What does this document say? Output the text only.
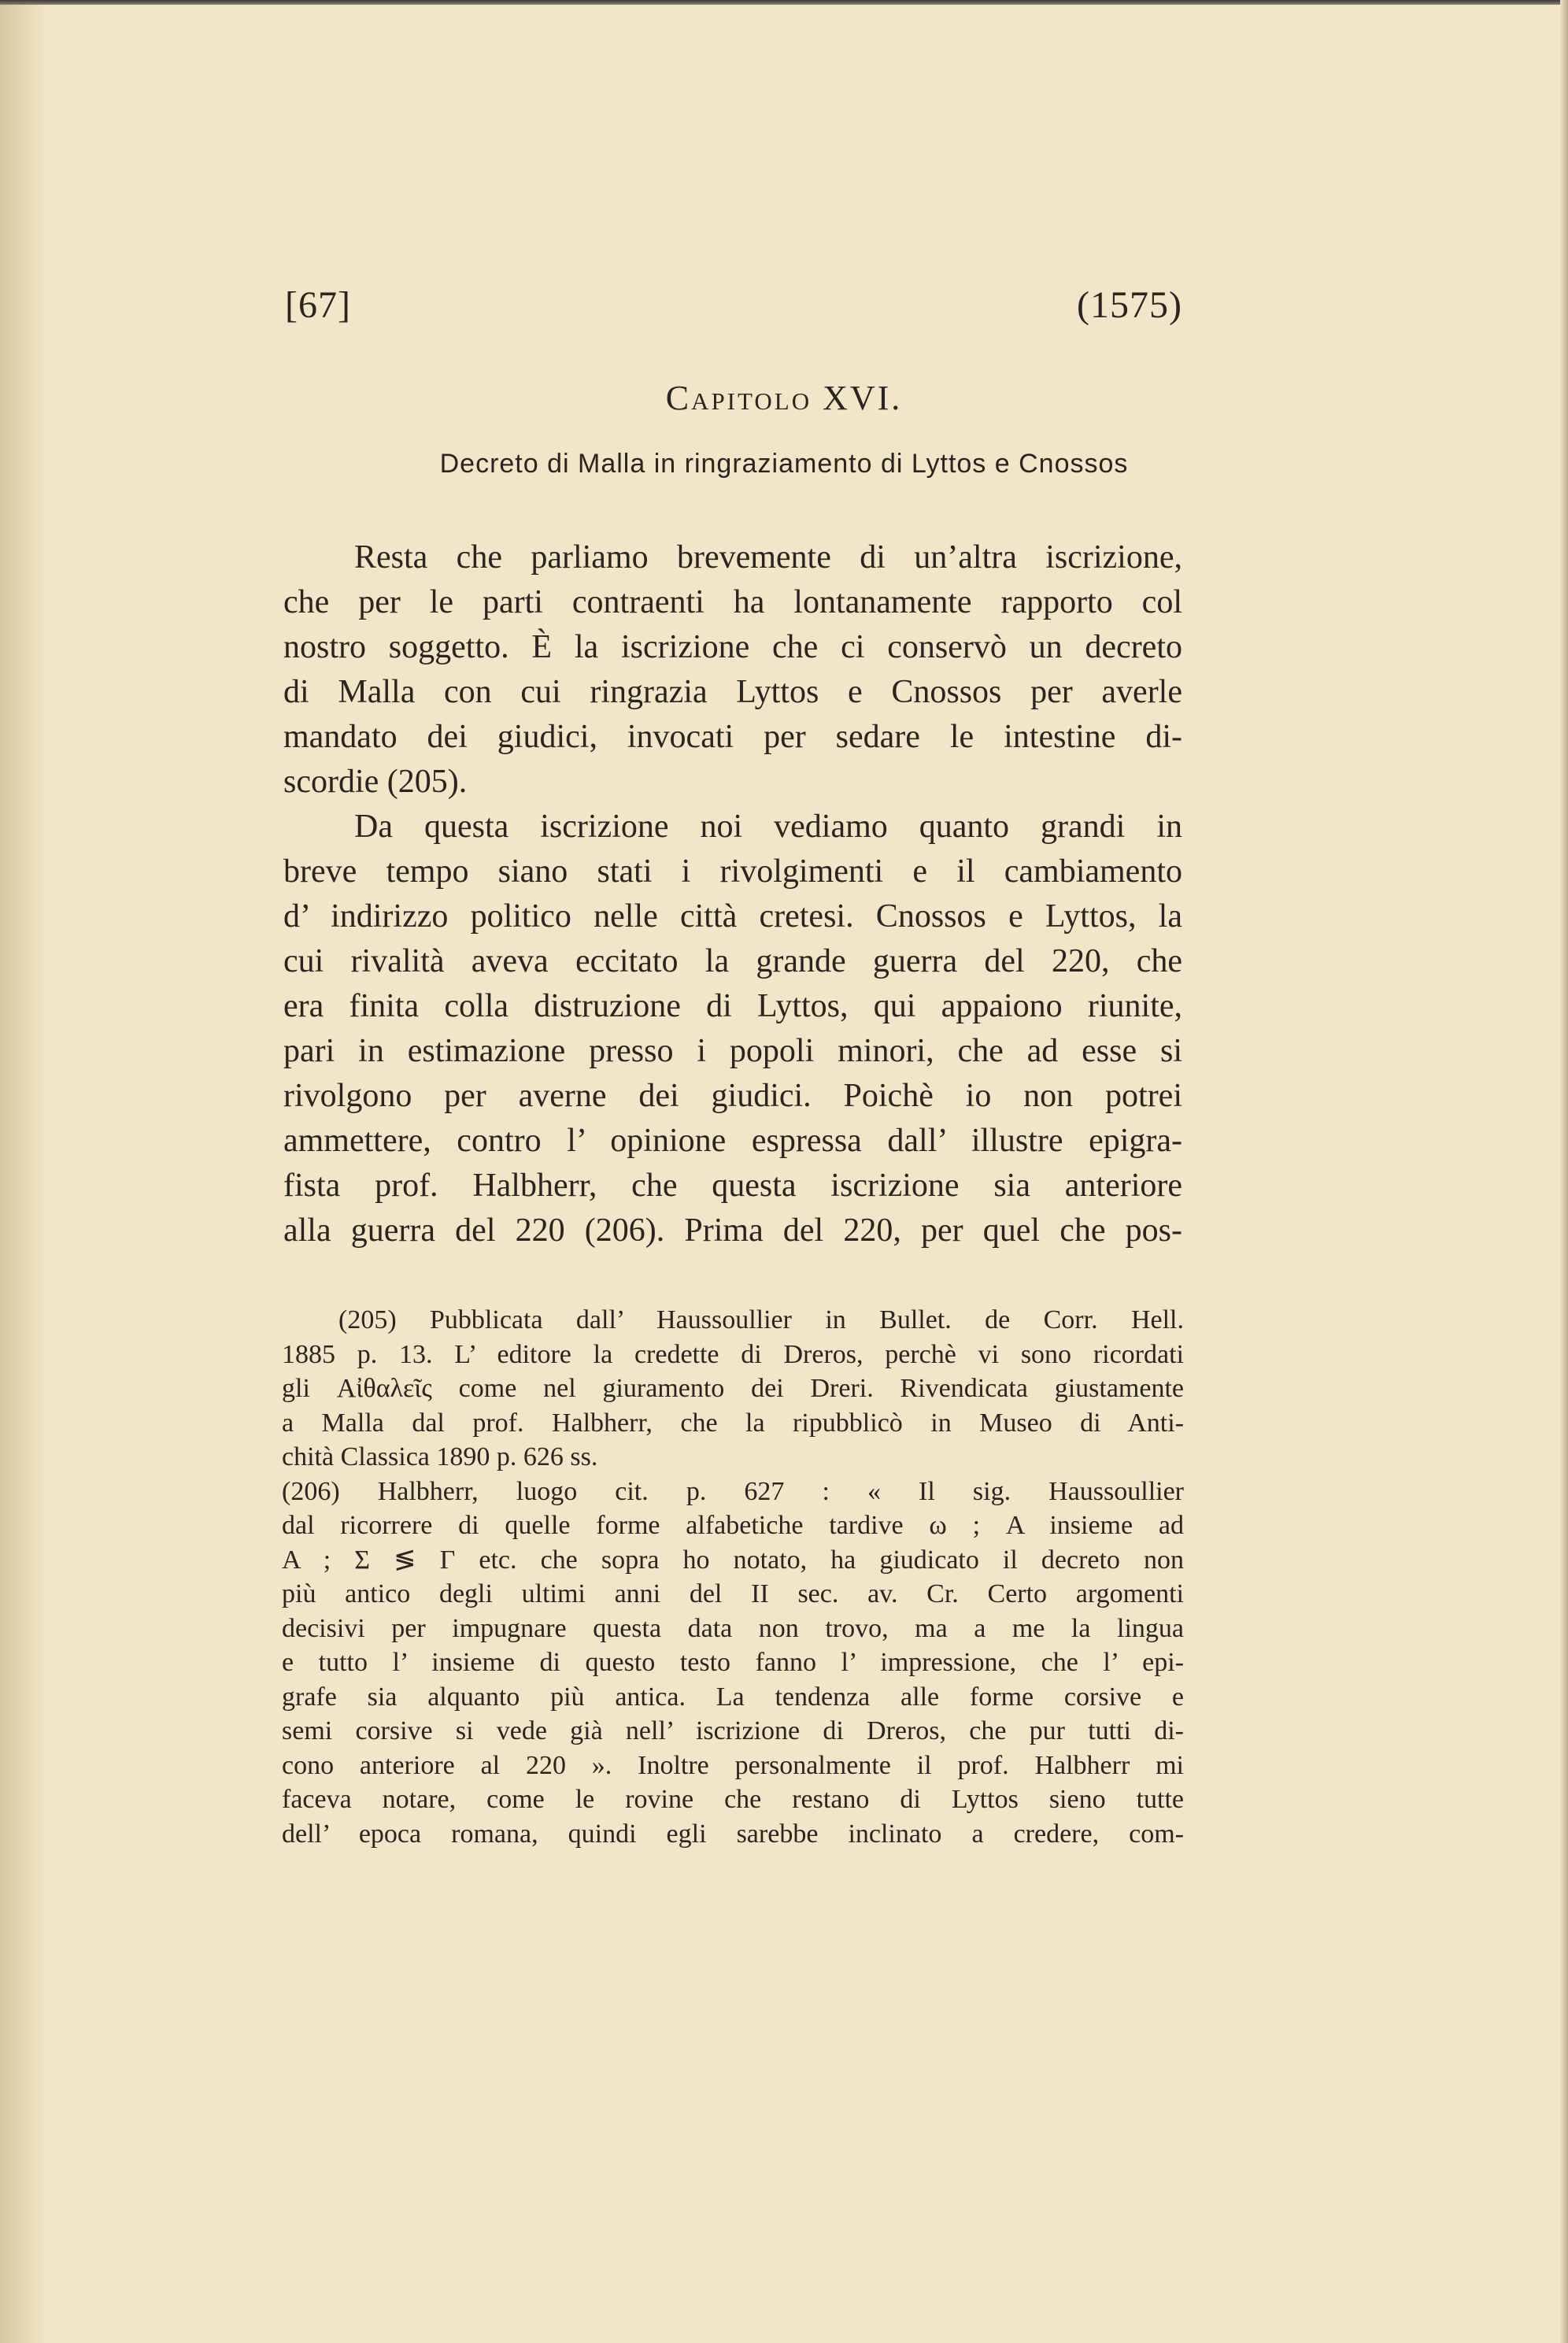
[67]	(1575)
Capitolo XVI.
Decreto di Malla in ringraziamento di Lyttos e Cnossos
Resta che parliamo brevemente di un’altra iscrizione,
che per le parti contraenti ha lontanamente rapporto col
nostro soggetto. È la iscrizione che ci conservò un decreto
di Malla con cui ringrazia Lyttos e Cnossos per averle
mandato dei giudici, invocati per sedare le intestine di-
scordie (205).
Da questa iscrizione noi vediamo quanto grandi in
breve tempo siano stati i rivolgimenti e il cambiamento
d’ indirizzo politico nelle città cretesi. Cnossos e Lyttos, la
cui rivalità aveva eccitato la grande guerra del 220, che
era finita colla distruzione di Lyttos, qui appaiono riunite,
pari in estimazione presso i popoli minori, che ad esse si
rivolgono per averne dei giudici. Poichè io non potrei
ammettere, contro l’ opinione espressa dall’ illustre epigra-
fista prof. Halbherr, che questa iscrizione sia anteriore
alla guerra del 220 (206). Prima del 220, per quel che pos-
(205) Pubblicata dall’ Haussoullier in Bullet. de Corr. Hell.
1885 p. 13. L’ editore la credette di Dreros, perchè vi sono ricordati
gli Αἰθαλεῖς come nel giuramento dei Dreri. Rivendicata giustamente
a Malla dal prof. Halbherr, che la ripubblicò in Museo di Anti-
chità Classica 1890 p. 626 ss.
(206) Halbherr, luogo cit. p. 627 : « Il sig. Haussoullier
dal ricorrere di quelle forme alfabetiche tardive ω ; A insieme ad
A ; Σ ≶ Γ etc. che sopra ho notato, ha giudicato il decreto non
più antico degli ultimi anni del II sec. av. Cr. Certo argomenti
decisivi per impugnare questa data non trovo, ma a me la lingua
e tutto l’ insieme di questo testo fanno l’ impressione, che l’ epi-
grafe sia alquanto più antica. La tendenza alle forme corsive e
semi corsive si vede già nell’ iscrizione di Dreros, che pur tutti di-
cono anteriore al 220 ». Inoltre personalmente il prof. Halbherr mi
faceva notare, come le rovine che restano di Lyttos sieno tutte
dell’ epoca romana, quindi egli sarebbe inclinato a credere, com-
